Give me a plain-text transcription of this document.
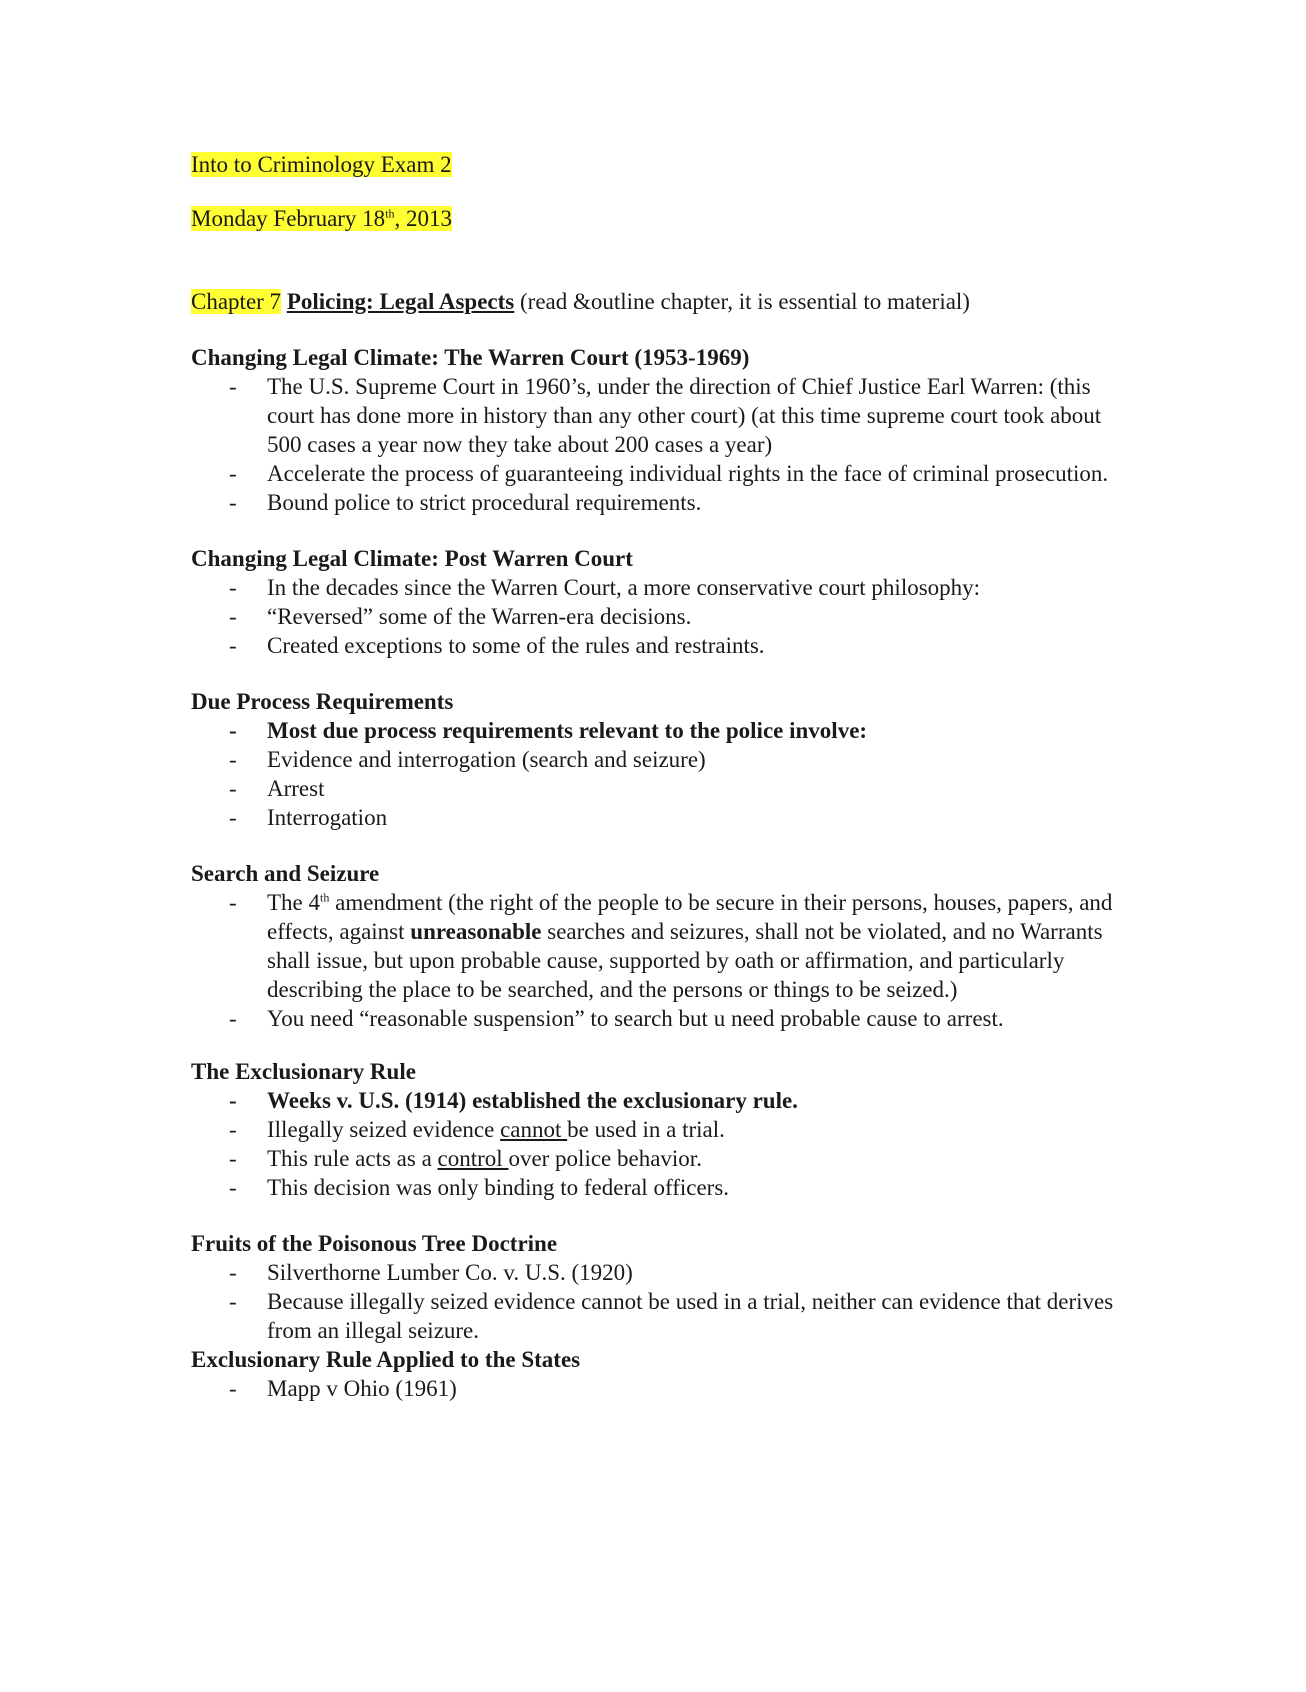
Into to Criminology Exam 2

Monday February 18th, 2013

Chapter 7 Policing: Legal Aspects (read &outline chapter, it is essential to material)

Changing Legal Climate: The Warren Court (1953-1969)

- The U.S. Supreme Court in 1960’s, under the direction of Chief Justice Earl Warren: (this court has done more in history than any other court) (at this time supreme court took about 500 cases a year now they take about 200 cases a year)
- Accelerate the process of guaranteeing individual rights in the face of criminal prosecution.
- Bound police to strict procedural requirements.

Changing Legal Climate: Post Warren Court

- In the decades since the Warren Court, a more conservative court philosophy:
- “Reversed” some of the Warren-era decisions.
- Created exceptions to some of the rules and restraints.

Due Process Requirements

- Most due process requirements relevant to the police involve:
- Evidence and interrogation (search and seizure)
- Arrest
- Interrogation

Search and Seizure

- The 4th amendment (the right of the people to be secure in their persons, houses, papers, and effects, against unreasonable searches and seizures, shall not be violated, and no Warrants shall issue, but upon probable cause, supported by oath or affirmation, and particularly describing the place to be searched, and the persons or things to be seized.)
- You need “reasonable suspension” to search but u need probable cause to arrest.

The Exclusionary Rule

- Weeks v. U.S. (1914) established the exclusionary rule.
- Illegally seized evidence cannot be used in a trial.
- This rule acts as a control over police behavior.
- This decision was only binding to federal officers.

Fruits of the Poisonous Tree Doctrine

- Silverthorne Lumber Co. v. U.S. (1920)
- Because illegally seized evidence cannot be used in a trial, neither can evidence that derives from an illegal seizure.

Exclusionary Rule Applied to the States

- Mapp v Ohio (1961)
